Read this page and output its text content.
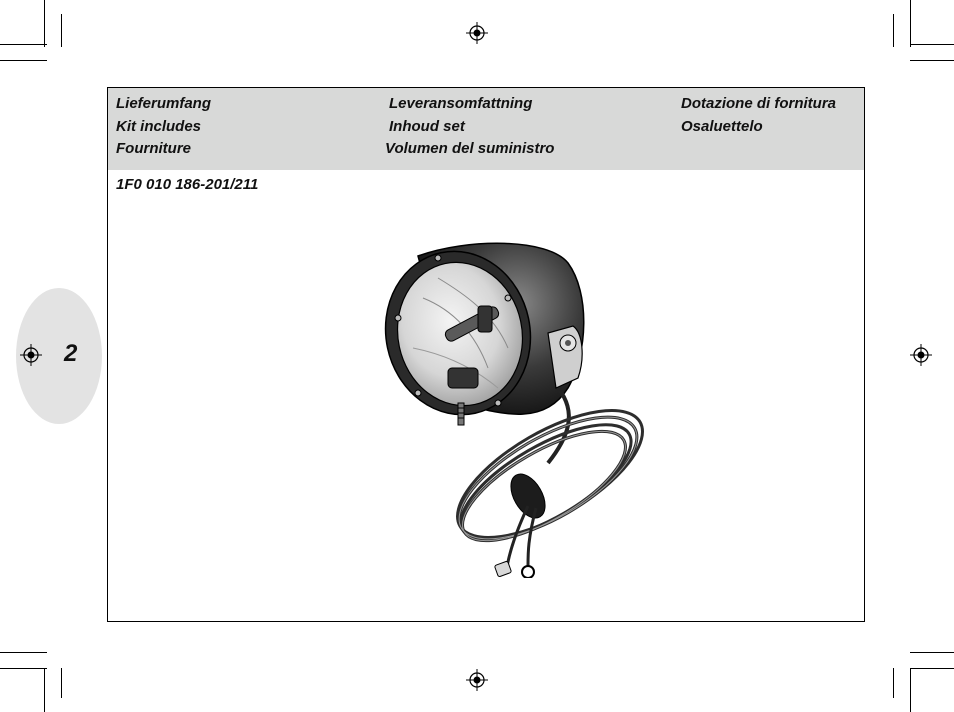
2
Lieferumfang
Kit includes
Fourniture
Leveransomfattning
Inhoud set
Volumen del suministro
Dotazione di fornitura
Osaluettelo
1F0 010 186-201/211
